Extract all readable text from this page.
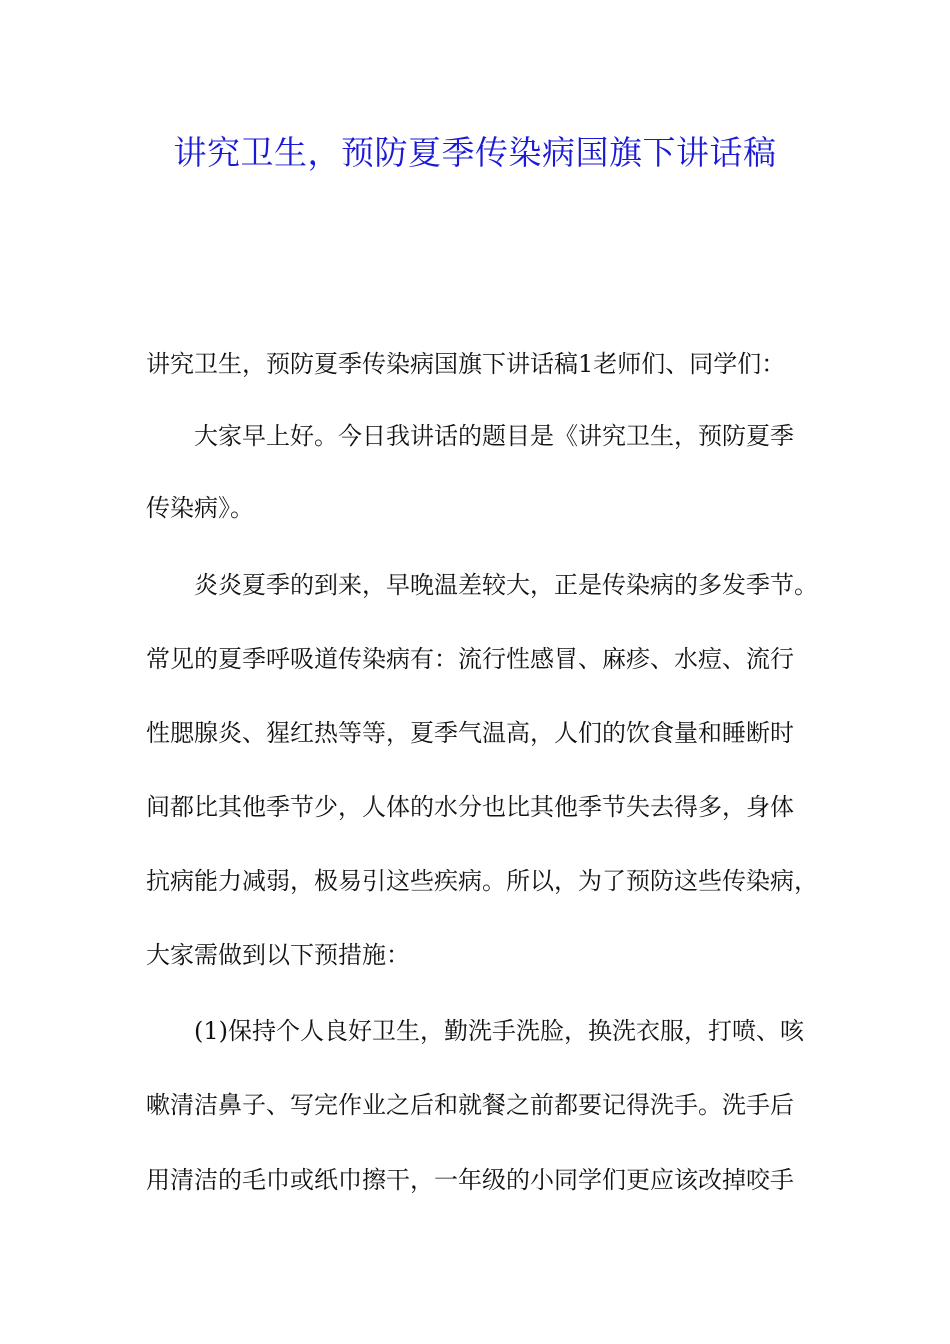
讲究卫生，预防夏季传染病国旗下讲话稿
讲究卫生，预防夏季传染病国旗下讲话稿1老师们、同学们：
大家早上好。今日我讲话的题目是《讲究卫生，预防夏季
传染病》。
炎炎夏季的到来，早晚温差较大，正是传染病的多发季节。
常见的夏季呼吸道传染病有：流行性感冒、麻疹、水痘、流行
性腮腺炎、猩红热等等，夏季气温高，人们的饮食量和睡断时
间都比其他季节少，人体的水分也比其他季节失去得多，身体
抗病能力减弱，极易引这些疾病。所以，为了预防这些传染病，
大家需做到以下预措施：
(1)保持个人良好卫生，勤洗手洗脸，换洗衣服，打喷、咳
嗽清洁鼻子、写完作业之后和就餐之前都要记得洗手。洗手后
用清洁的毛巾或纸巾擦干，一年级的小同学们更应该改掉咬手
